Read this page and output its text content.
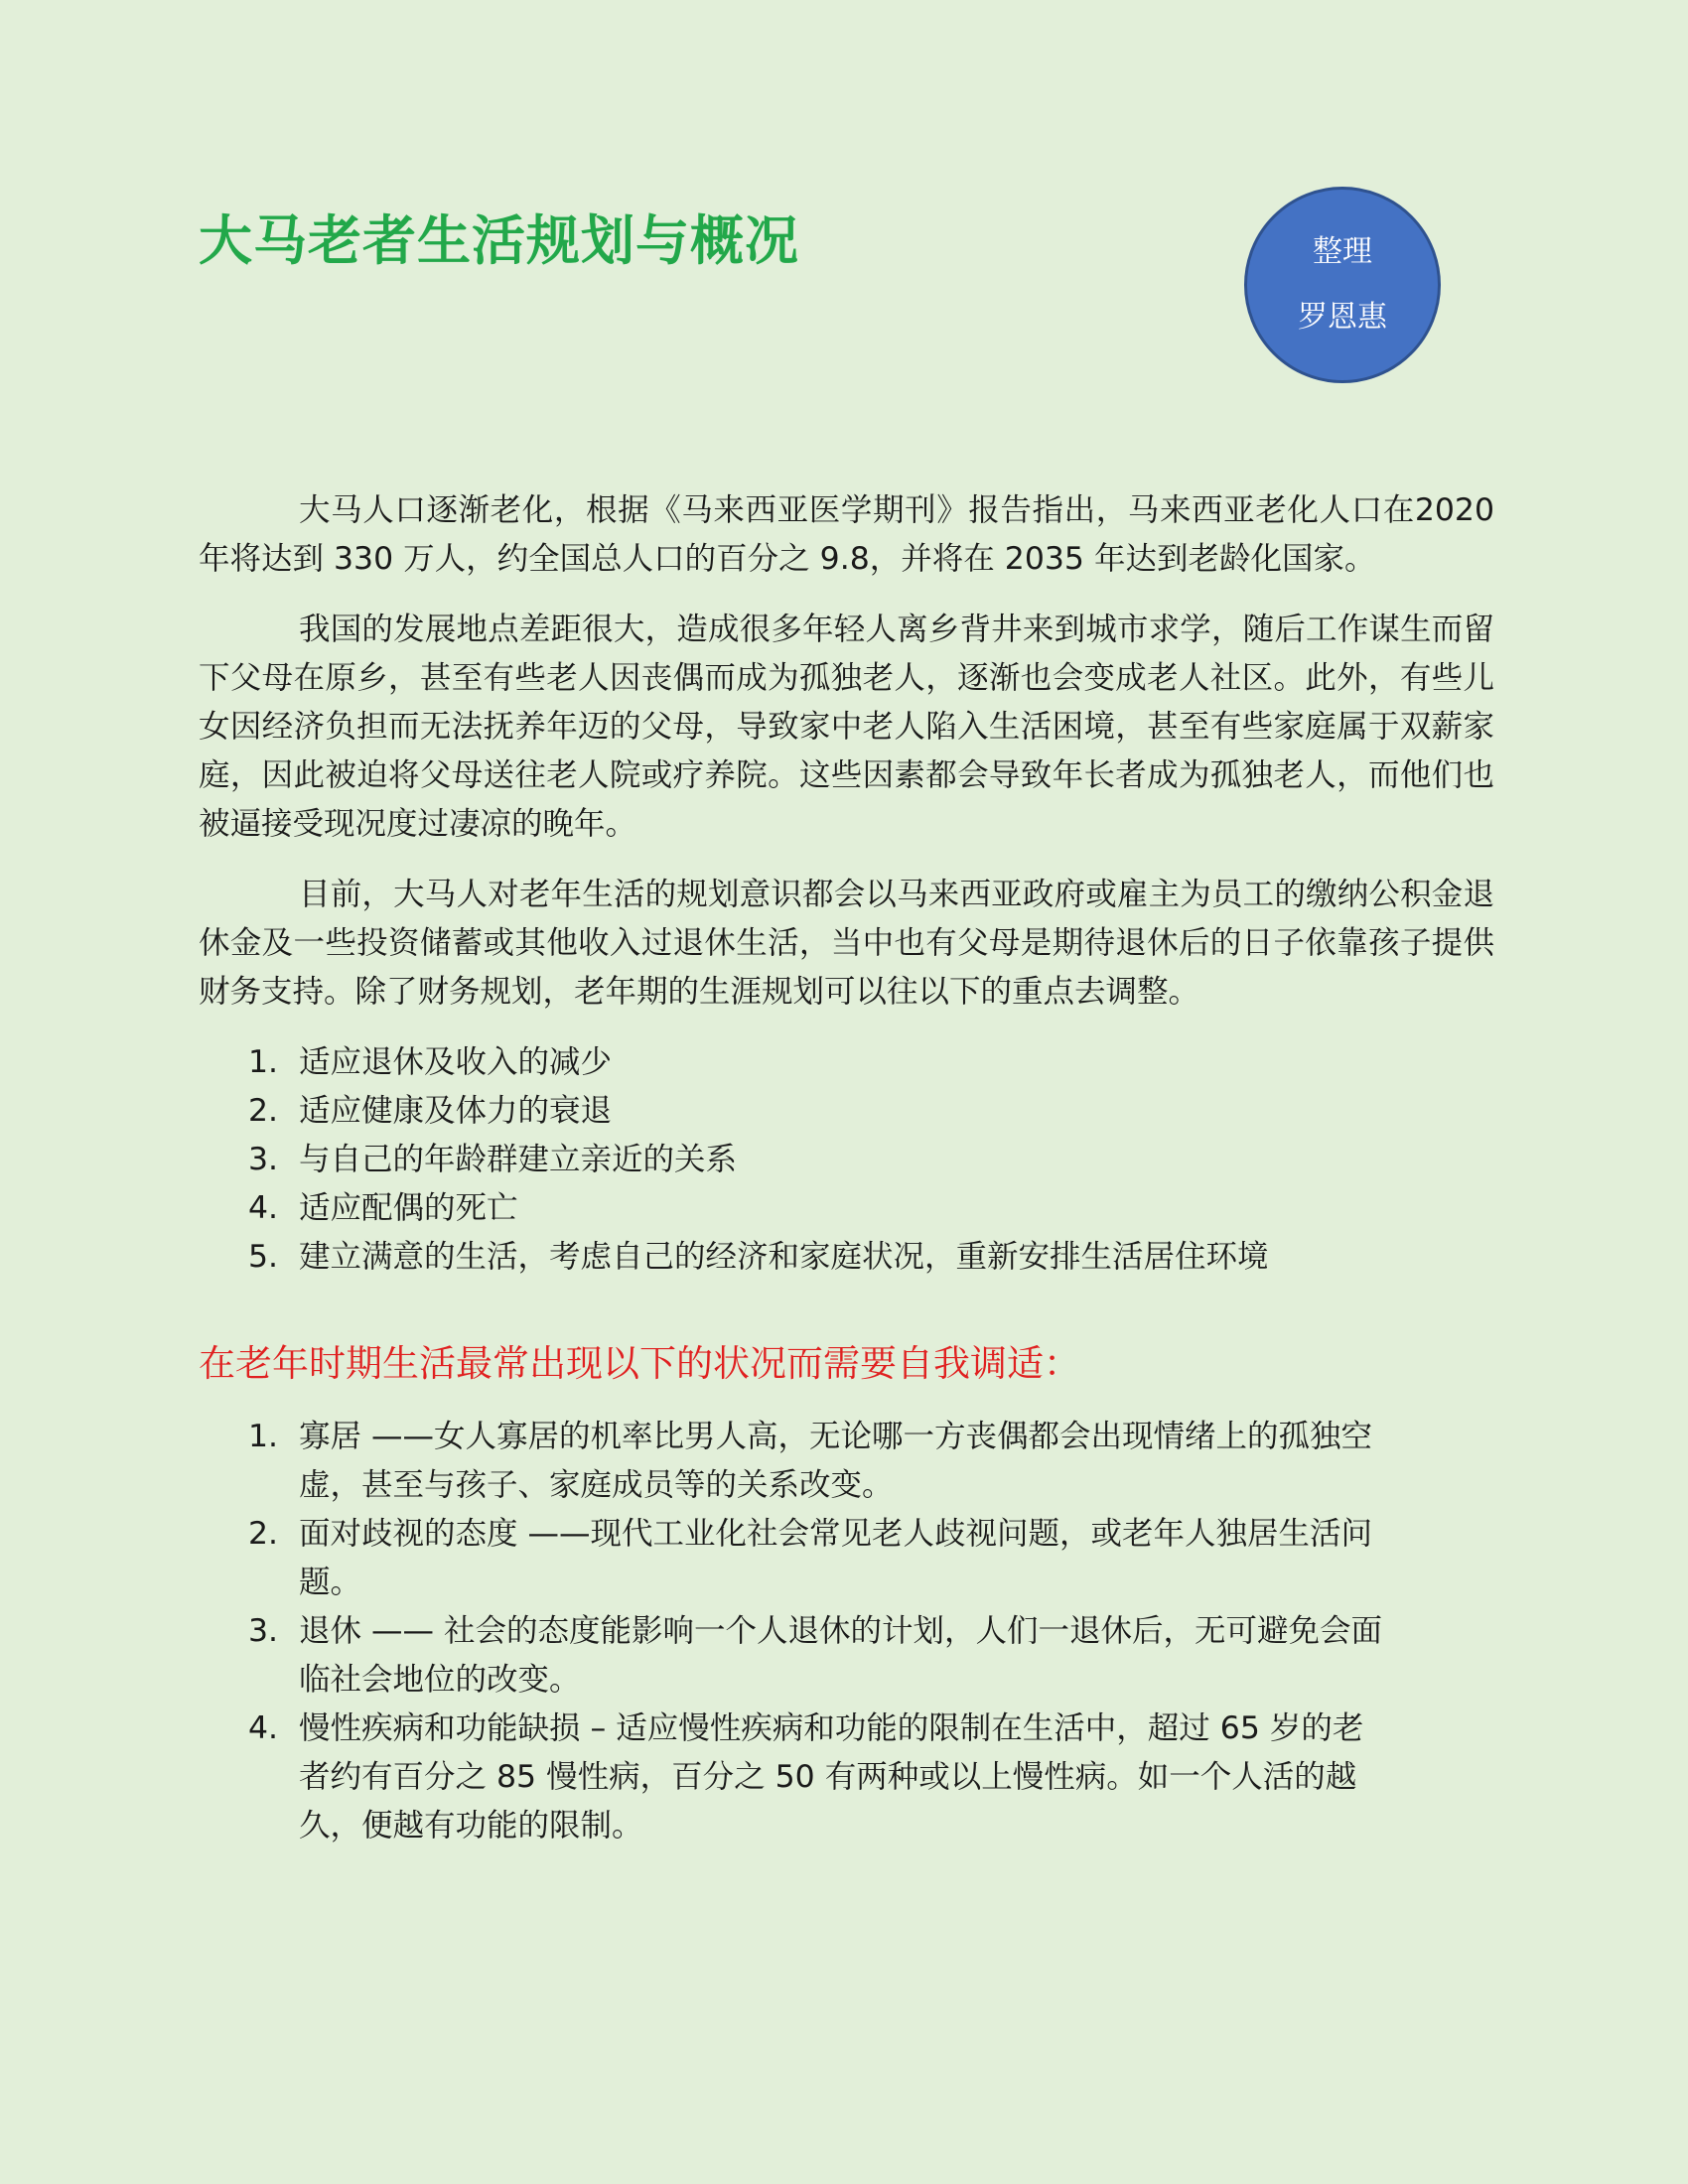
大马老者生活规划与概况	整理
罗恩惠

大马人口逐渐老化，根据《马来西亚医学期刊》报告指出，马来西亚老化人口在2020 年将达到 330 万人，约全国总人口的百分之 9.8，并将在 2035 年达到老龄化国家。

我国的发展地点差距很大，造成很多年轻人离乡背井来到城市求学，随后工作谋生而留下父母在原乡，甚至有些老人因丧偶而成为孤独老人，逐渐也会变成老人社区。此外，有些儿女因经济负担而无法抚养年迈的父母，导致家中老人陷入生活困境，甚至有些家庭属于双薪家庭，因此被迫将父母送往老人院或疗养院。这些因素都会导致年长者成为孤独老人，而他们也被逼接受现况度过凄凉的晚年。

目前，大马人对老年生活的规划意识都会以马来西亚政府或雇主为员工的缴纳公积金退休金及一些投资储蓄或其他收入过退休生活，当中也有父母是期待退休后的日子依靠孩子提供财务支持。除了财务规划，老年期的生涯规划可以往以下的重点去调整。

1. 适应退休及收入的减少
2. 适应健康及体力的衰退
3. 与自己的年龄群建立亲近的关系
4. 适应配偶的死亡
5. 建立满意的生活，考虑自己的经济和家庭状况，重新安排生活居住环境
在老年时期生活最常出现以下的状况而需要自我调适：
1. 寡居 ——女人寡居的机率比男人高，无论哪一方丧偶都会出现情绪上的孤独空虚，甚至与孩子、家庭成员等的关系改变。
2. 面对歧视的态度 ——现代工业化社会常见老人歧视问题，或老年人独居生活问题。
3. 退休 —— 社会的态度能影响一个人退休的计划，人们一退休后，无可避免会面临社会地位的改变。
4. 慢性疾病和功能缺损 – 适应慢性疾病和功能的限制在生活中，超过 65 岁的老者约有百分之 85 慢性病，百分之 50 有两种或以上慢性病。如一个人活的越久，便越有功能的限制。
